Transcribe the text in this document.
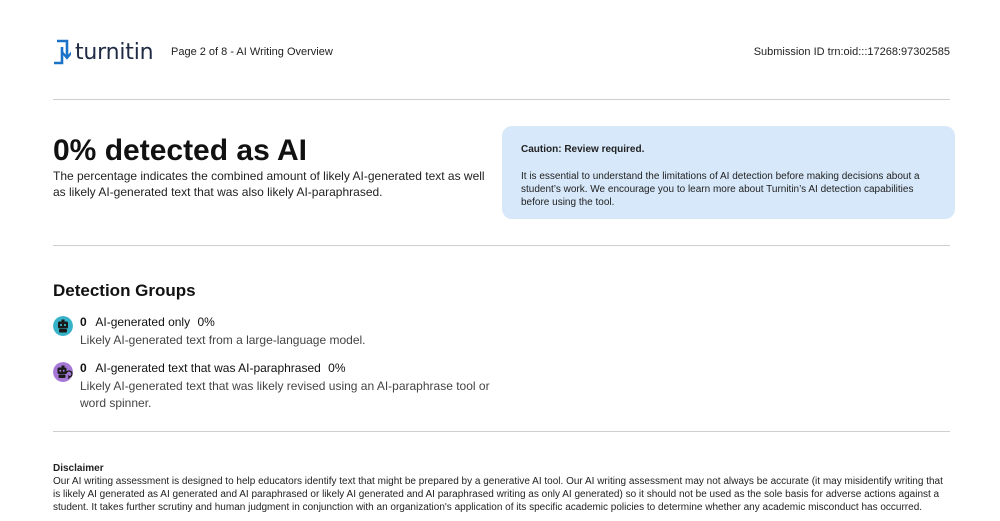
turnitin Page 2 of 8 - AI Writing Overview	Submission ID trn:oid:::17268:97302585
0% detected as AI
The percentage indicates the combined amount of likely AI-generated text as well as likely AI-generated text that was also likely AI-paraphrased.
Caution: Review required.
It is essential to understand the limitations of AI detection before making decisions about a student’s work. We encourage you to learn more about Turnitin’s AI detection capabilities before using the tool.
Detection Groups
0 AI-generated only 0%
Likely AI-generated text from a large-language model.
0 AI-generated text that was AI-paraphrased 0%
Likely AI-generated text that was likely revised using an AI-paraphrase tool or word spinner.
Disclaimer
Our AI writing assessment is designed to help educators identify text that might be prepared by a generative AI tool. Our AI writing assessment may not always be accurate (it may misidentify writing that is likely AI generated as AI generated and AI paraphrased or likely AI generated and AI paraphrased writing as only AI generated) so it should not be used as the sole basis for adverse actions against a student. It takes further scrutiny and human judgment in conjunction with an organization's application of its specific academic policies to determine whether any academic misconduct has occurred.
